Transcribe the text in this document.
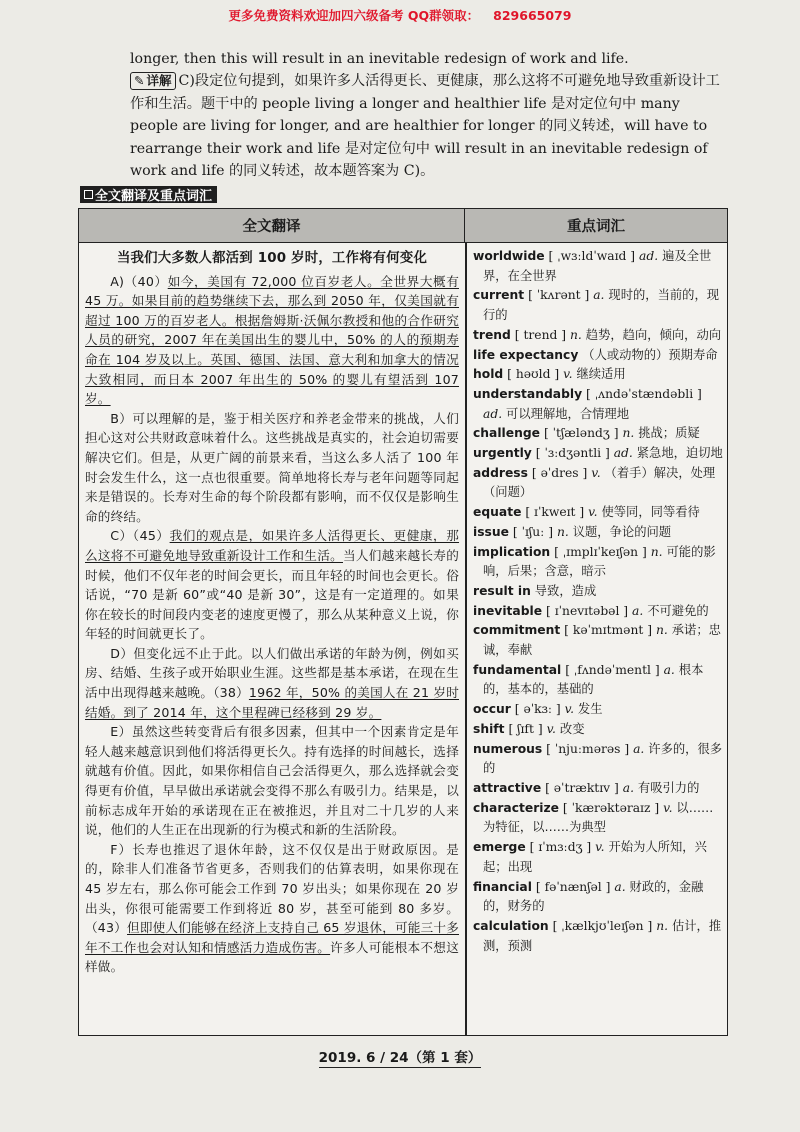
更多免费资料欢迎加四六级备考 QQ群领取： 829665079
longer, then this will result in an inevitable redesign of work and life.
✎ 详解 C)段定位句提到，如果许多人活得更长、更健康，那么这将不可避免地导致重新设计工作和生活。题干中的 people living a longer and healthier life 是对定位句中 many people are living for longer, and are healthier for longer 的同义转述，will have to rearrange their work and life 是对定位句中 will result in an inevitable redesign of work and life 的同义转述，故本题答案为 C)。
全文翻译及重点词汇
全文翻译	重点词汇
当我们大多数人都活到 100 岁时，工作将有何变化

A)（40）如今，美国有 72,000 位百岁老人。全世界大概有 45 万。如果目前的趋势继续下去，那么到 2050 年，仅美国就有超过 100 万的百岁老人。根据詹姆斯·沃佩尔教授和他的合作研究人员的研究，2007 年在美国出生的婴儿中，50% 的人的预期寿命在 104 岁及以上。英国、德国、法国、意大利和加拿大的情况大致相同，而日本 2007 年出生的 50% 的婴儿有望活到 107 岁。

B）可以理解的是，鉴于相关医疗和养老金带来的挑战，人们担心这对公共财政意味着什么。这些挑战是真实的，社会迫切需要解决它们。但是，从更广阔的前景来看，当这么多人活了 100 年时会发生什么，这一点也很重要。简单地将长寿与老年问题等同起来是错误的。长寿对生命的每个阶段都有影响，而不仅仅是影响生命的终结。

C）（45）我们的观点是，如果许多人活得更长、更健康，那么这将不可避免地导致重新设计工作和生活。当人们越来越长寿的时候，他们不仅年老的时间会更长，而且年轻的时间也会更长。俗话说，“70 是新 60”或“40 是新 30”，这是有一定道理的。如果你在较长的时间段内变老的速度更慢了，那么从某种意义上说，你年轻的时间就更长了。

D）但变化远不止于此。以人们做出承诺的年龄为例，例如买房、结婚、生孩子或开始职业生涯。这些都是基本承诺，在现在生活中出现得越来越晚。（38）1962 年，50% 的美国人在 21 岁时结婚。到了 2014 年，这个里程碑已经移到 29 岁。

E）虽然这些转变背后有很多因素，但其中一个因素肯定是年轻人越来越意识到他们将活得更长久。持有选择的时间越长，选择就越有价值。因此，如果你相信自己会活得更久，那么选择就会变得更有价值，早早做出承诺就会变得不那么有吸引力。结果是，以前标志成年开始的承诺现在正在被推迟，并且对二十几岁的人来说，他们的人生正在出现新的行为模式和新的生活阶段。

F）长寿也推迟了退休年龄，这不仅仅是出于财政原因。是的，除非人们准备节省更多，否则我们的估算表明，如果你现在 45 岁左右，那么你可能会工作到 70 岁出头；如果你现在 20 岁出头，你很可能需要工作到将近 80 岁，甚至可能到 80 多岁。（43）但即使人们能够在经济上支持自己 65 岁退休，可能三十多年不工作也会对认知和情感活力造成伤害。许多人可能根本不想这样做。

worldwide [ ˌwɜːldˈwaɪd ] ad. 遍及全世界，在全世界
current [ ˈkʌrənt ] a. 现时的，当前的，现行的
trend [ trend ] n. 趋势，趋向，倾向，动向
life expectancy （人或动物的）预期寿命
hold [ həʊld ] v. 继续适用
understandably [ ˌʌndəˈstændəbli ] ad. 可以理解地，合情理地
challenge [ ˈtʃælәndʒ ] n. 挑战；质疑
urgently [ ˈɜːdʒəntli ] ad. 紧急地，迫切地
address [ əˈdres ] v. （着手）解决，处理（问题）
equate [ ɪˈkweɪt ] v. 使等同，同等看待
issue [ ˈɪʃuː ] n. 议题，争论的问题
implication [ ˌɪmplɪˈkeɪʃən ] n. 可能的影响，后果；含意，暗示
result in 导致，造成
inevitable [ ɪˈnevɪtəbəl ] a. 不可避免的
commitment [ kəˈmɪtmənt ] n. 承诺；忠诚，奉献
fundamental [ ˌfʌndəˈmentl ] a. 根本的，基本的，基础的
occur [ əˈkɜː ] v. 发生
shift [ ʃɪft ] v. 改变
numerous [ ˈnjuːmərəs ] a. 许多的，很多的
attractive [ əˈtræktɪv ] a. 有吸引力的
characterize [ ˈkærəktəraɪz ] v. 以……为特征，以……为典型
emerge [ ɪˈmɜːdʒ ] v. 开始为人所知，兴起；出现
financial [ fəˈnænʃəl ] a. 财政的，金融的，财务的
calculation [ ˌkælkjʊˈleɪʃən ] n. 估计，推测，预测
2019. 6 / 24（第 1 套）
